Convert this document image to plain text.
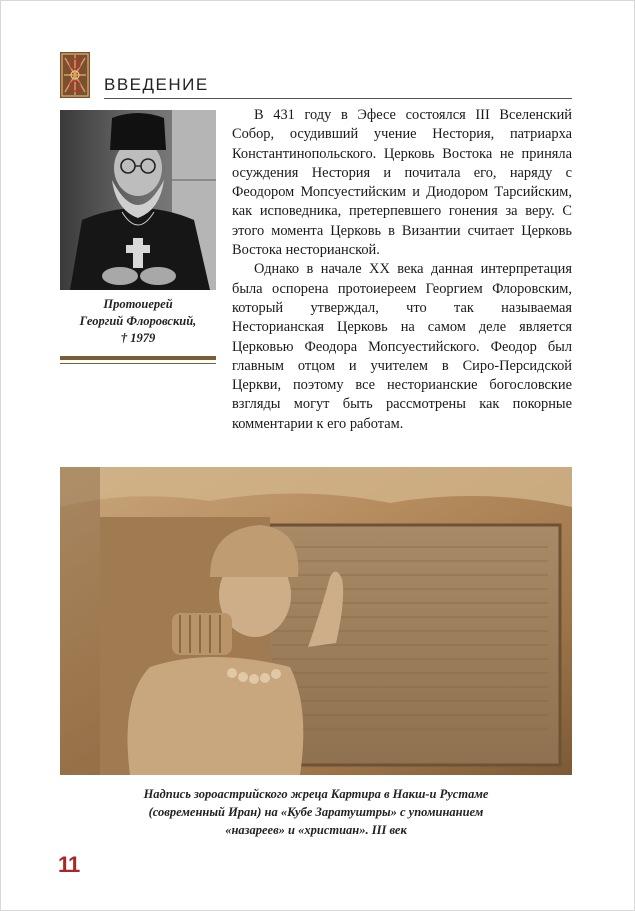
ВВЕДЕНИЕ
Протоиерей
Георгий Флоровский,
† 1979

В 431 году в Эфесе состоялся III Вселенский Собор, осудивший учение Нестория, патриарха Константинопольского. Церковь Востока не приняла осуждения Нестория и почитала его, наряду с Феодором Мопсуестийским и Диодором Тарсийским, как исповедника, претерпевшего гонения за веру. С этого момента Церковь в Византии считает Церковь Востока несторианской.

Однако в начале XX века данная интерпретация была оспорена протоиереем Георгием Флоровским, который утверждал, что так называемая Несторианская Церковь на самом деле является Церковью Феодора Мопсуестийского. Феодор был главным отцом и учителем в Сиро-Персидской Церкви, поэтому все несторианские богословские взгляды могут быть рассмотрены как покорные комментарии к его работам.

Надпись зороастрийского жреца Картира в Накш-и Рустаме
(современный Иран) на «Кубе Заратуштры» с упоминанием
«назареев» и «христиан». III век
11
